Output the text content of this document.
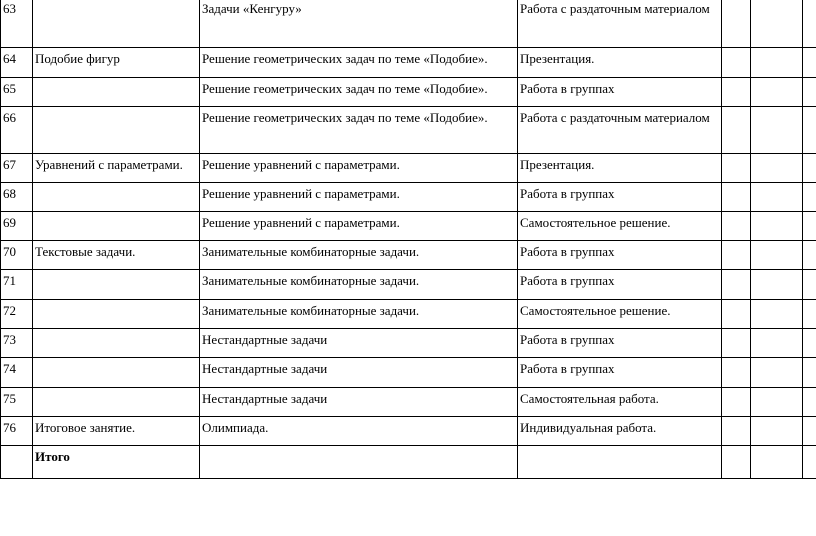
63		Задачи «Кенгуру»	Работа с раздаточным материалом			
64	Подобие фигур	Решение геометрических задач по теме «Подобие».	Презентация.			
65		Решение геометрических задач по теме «Подобие».	Работа в группах			
66		Решение геометрических задач по теме «Подобие».	Работа с раздаточным материалом			
67	Уравнений с параметрами.	Решение уравнений с параметрами.	Презентация.			
68		Решение уравнений с параметрами.	Работа в группах			
69		Решение уравнений с параметрами.	Самостоятельное решение.			
70	Текстовые задачи.	Занимательные комбинаторные задачи.	Работа в группах			
71		Занимательные комбинаторные задачи.	Работа в группах			
72		Занимательные комбинаторные задачи.	Самостоятельное решение.			
73		Нестандартные задачи	Работа в группах			
74		Нестандартные задачи	Работа в группах			
75		Нестандартные задачи	Самостоятельная работа.			
76	Итоговое занятие.	Олимпиада.	Индивидуальная работа.			
	Итого					
